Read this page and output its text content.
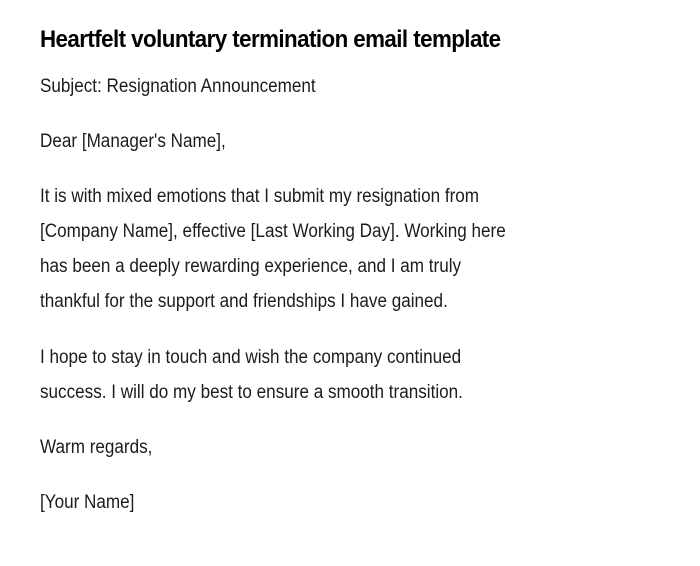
Heartfelt voluntary termination email template
Subject: Resignation Announcement
Dear [Manager's Name],
It is with mixed emotions that I submit my resignation from
[Company Name], effective [Last Working Day]. Working here
has been a deeply rewarding experience, and I am truly
thankful for the support and friendships I have gained.
I hope to stay in touch and wish the company continued
success. I will do my best to ensure a smooth transition.
Warm regards,
[Your Name]
